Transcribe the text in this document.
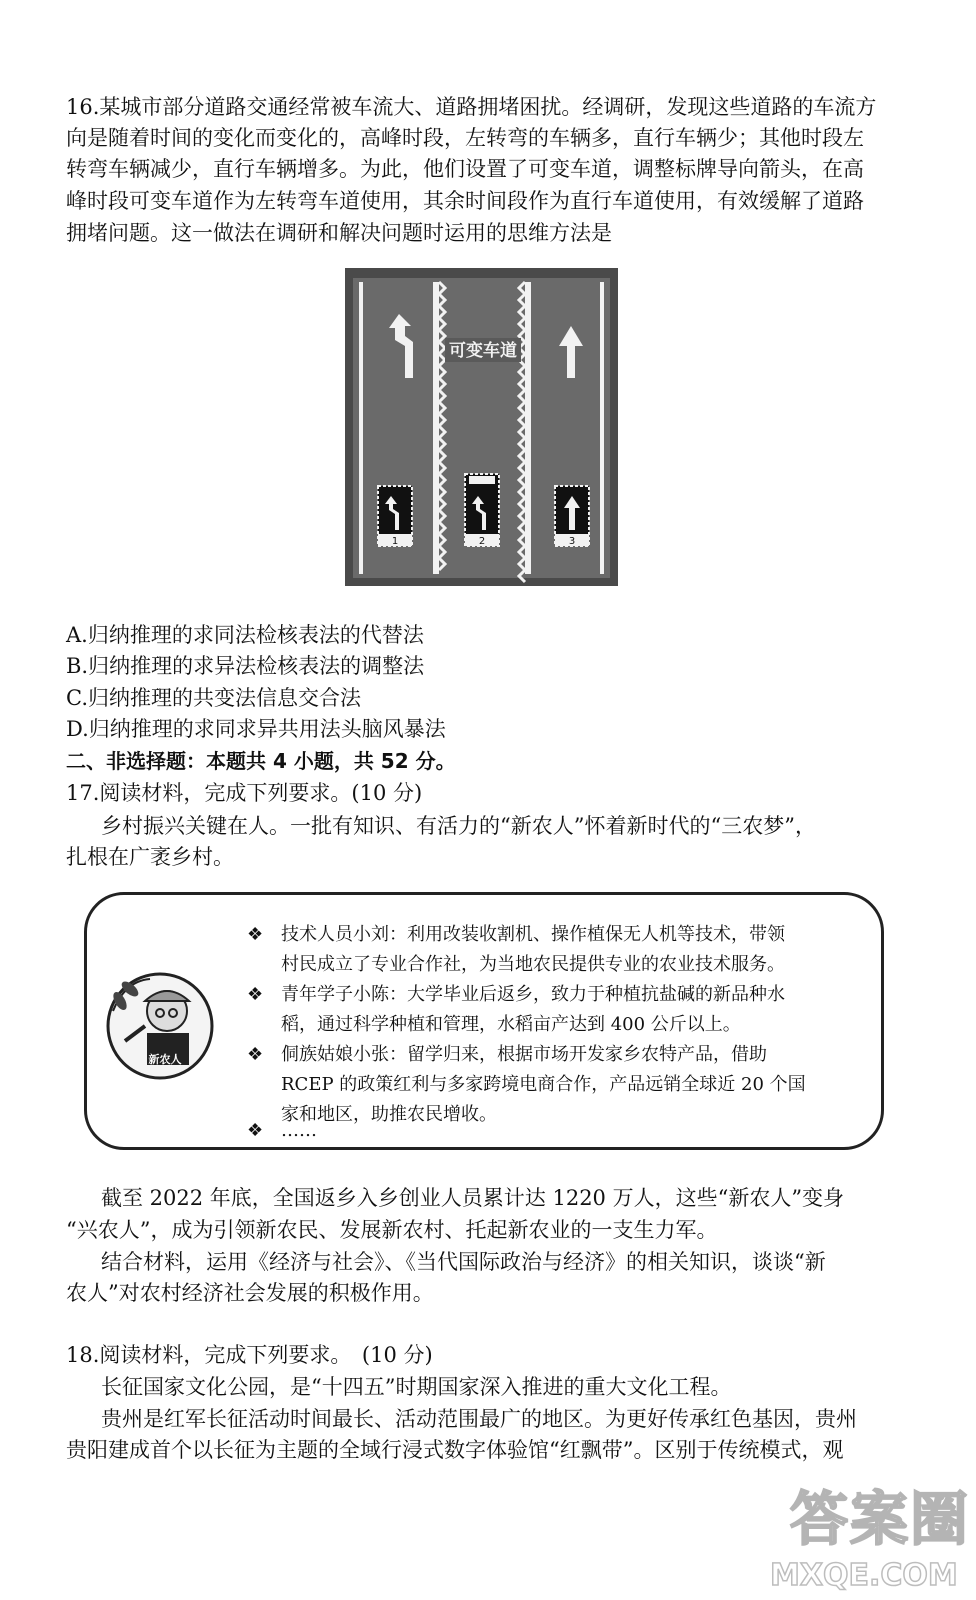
16.某城市部分道路交通经常被车流大、道路拥堵困扰。经调研，发现这些道路的车流方
向是随着时间的变化而变化的，高峰时段，左转弯的车辆多，直行车辆少；其他时段左
转弯车辆减少，直行车辆增多。为此，他们设置了可变车道，调整标牌导向箭头，在高
峰时段可变车道作为左转弯车道使用，其余时间段作为直行车道使用，有效缓解了道路
拥堵问题。这一做法在调研和解决问题时运用的思维方法是
可变车道
1	2	3
A.归纳推理的求同法检核表法的代替法
B.归纳推理的求异法检核表法的调整法
C.归纳推理的共变法信息交合法
D.归纳推理的求同求异共用法头脑风暴法
二、非选择题：本题共 4 小题，共 52 分。
17.阅读材料，完成下列要求。(10 分)
乡村振兴关键在人。一批有知识、有活力的“新农人”怀着新时代的“三农梦”，
扎根在广袤乡村。
新农人
❖ 技术人员小刘：利用改装收割机、操作植保无人机等技术，带领
村民成立了专业合作社，为当地农民提供专业的农业技术服务。
❖ 青年学子小陈：大学毕业后返乡，致力于种植抗盐碱的新品种水
稻，通过科学种植和管理，水稻亩产达到 400 公斤以上。
❖ 侗族姑娘小张：留学归来，根据市场开发家乡农特产品，借助
RCEP 的政策红利与多家跨境电商合作，产品远销全球近 20 个国
家和地区，助推农民增收。
❖ ……
截至 2022 年底，全国返乡入乡创业人员累计达 1220 万人，这些“新农人”变身
“兴农人”，成为引领新农民、发展新农村、托起新农业的一支生力军。
结合材料，运用《经济与社会》、《当代国际政治与经济》的相关知识，谈谈“新
农人”对农村经济社会发展的积极作用。
18.阅读材料，完成下列要求。　(10 分)
长征国家文化公园，是“十四五”时期国家深入推进的重大文化工程。
贵州是红军长征活动时间最长、活动范围最广的地区。为更好传承红色基因，贵州
贵阳建成首个以长征为主题的全域行浸式数字体验馆“红飘带”。区别于传统模式，观
答案圈
MXQE.COM
